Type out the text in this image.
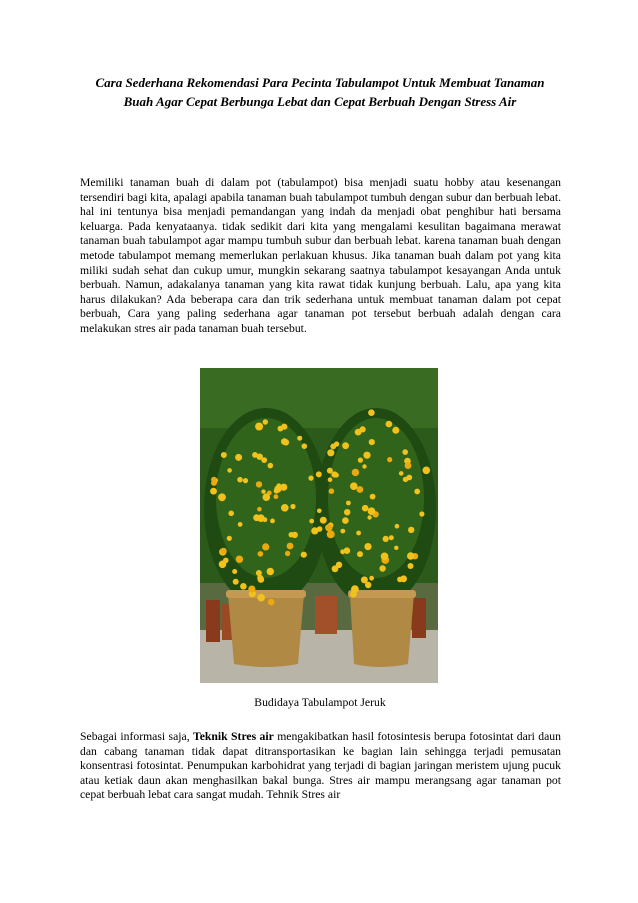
Cara Sederhana Rekomendasi Para Pecinta Tabulampot Untuk Membuat Tanaman Buah Agar Cepat Berbunga Lebat dan Cepat Berbuah Dengan Stress Air

Memiliki tanaman buah di dalam pot (tabulampot) bisa menjadi suatu hobby atau kesenangan tersendiri bagi kita, apalagi apabila tanaman buah tabulampot tumbuh dengan subur dan berbuah lebat. hal ini tentunya bisa menjadi pemandangan yang indah da menjadi obat penghibur hati bersama keluarga. Pada kenyataanya. tidak sedikit dari kita yang mengalami kesulitan bagaimana merawat tanaman buah tabulampot agar mampu tumbuh subur dan berbuah lebat. karena tanaman buah dengan metode tabulampot memang memerlukan perlakuan khusus. Jika tanaman buah dalam pot yang kita miliki sudah sehat dan cukup umur, mungkin sekarang saatnya tabulampot kesayangan Anda untuk berbuah. Namun, adakalanya tanaman yang kita rawat tidak kunjung berbuah. Lalu, apa yang kita harus dilakukan? Ada beberapa cara dan trik sederhana untuk membuat tanaman dalam pot cepat berbuah, Cara yang paling sederhana agar tanaman pot tersebut berbuah adalah dengan cara melakukan stres air pada tanaman buah tersebut.

Budidaya Tabulampot Jeruk

Sebagai informasi saja, Teknik Stres air mengakibatkan hasil fotosintesis berupa fotosintat dari daun dan cabang tanaman tidak dapat ditransportasikan ke bagian lain sehingga terjadi pemusatan konsentrasi fotosintat. Penumpukan karbohidrat yang terjadi di bagian jaringan meristem ujung pucuk atau ketiak daun akan menghasilkan bakal bunga. Stres air mampu merangsang agar tanaman pot cepat berbuah lebat cara sangat mudah. Tehnik Stres air
